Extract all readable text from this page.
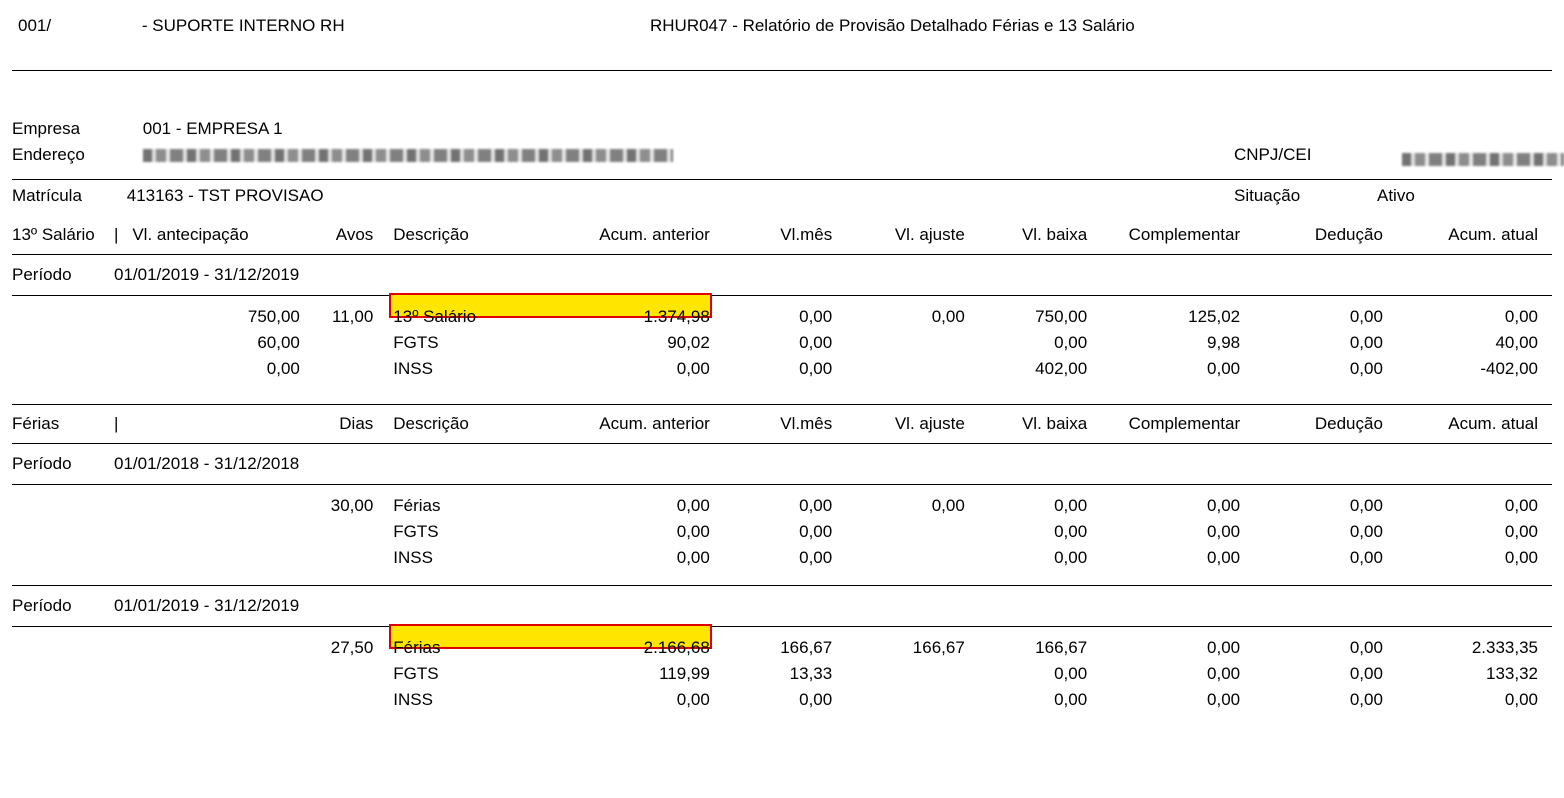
001/	- SUPORTE INTERNO RH	RHUR047 - Relatório de Provisão Detalhado Férias e 13 Salário
Empresa	001 - EMPRESA 1
Endereço	CNPJ/CEI
Matrícula	413163 - TST PROVISAO	Situação	Ativo
13º Salário	|	Vl. antecipação	Avos	Descrição	Acum. anterior	Vl.mês	Vl. ajuste	Vl. baixa	Complementar	Dedução	Acum. atual

Período	01/01/2019 - 31/12/2019										

		750,00	11,00	13º Salário	1.374,98	0,00	0,00	750,00	125,02	0,00	0,00
		60,00		FGTS	90,02	0,00		0,00	9,98	0,00	40,00
		0,00		INSS	0,00	0,00		402,00	0,00	0,00	-402,00

Férias	|		Dias	Descrição	Acum. anterior	Vl.mês	Vl. ajuste	Vl. baixa	Complementar	Dedução	Acum. atual

Período	01/01/2018 - 31/12/2018										

			30,00	Férias	0,00	0,00	0,00	0,00	0,00	0,00	0,00
				FGTS	0,00	0,00		0,00	0,00	0,00	0,00
				INSS	0,00	0,00		0,00	0,00	0,00	0,00

Período	01/01/2019 - 31/12/2019										

			27,50	Férias	2.166,68	166,67	166,67	166,67	0,00	0,00	2.333,35
				FGTS	119,99	13,33		0,00	0,00	0,00	133,32
				INSS	0,00	0,00		0,00	0,00	0,00	0,00
